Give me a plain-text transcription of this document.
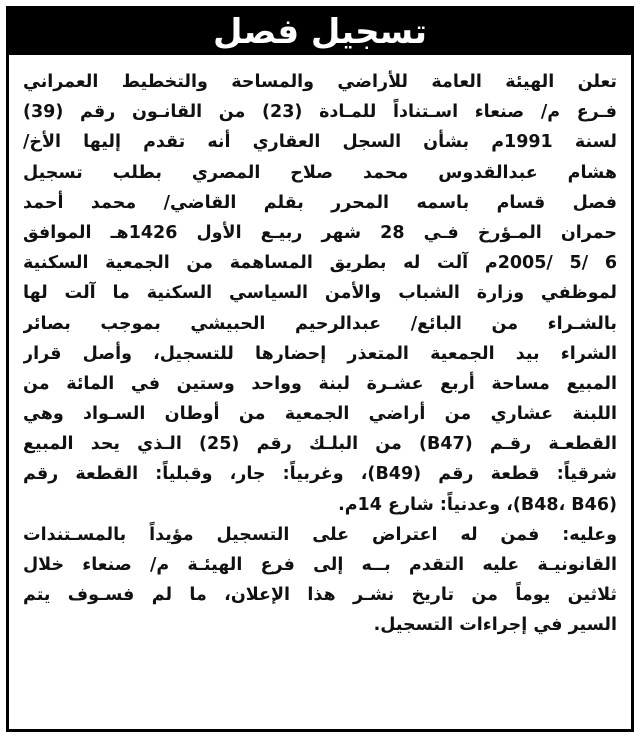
تسجيل فصل
تعلن الهيئة العامة للأراضي والمساحة والتخطيط العمراني
فـرع م/ صنعاء اسـتناداً للمـادة (23) من القانـون رقم (39)
لسنة 1991م بشأن السجل العقاري أنه تقدم إليها الأخ/
هشام عبدالقدوس محمد صلاح المصري بطلب تسجيل
فصل قسام باسمه المحرر بقلم القاضي/ محمد أحمد
حمران المـؤرخ فـي 28 شهر ربيـع الأول 1426هـ الموافق
6 /5 /2005م آلت له بطريق المساهمة من الجمعية السكنية
لموظفي وزارة الشباب والأمن السياسي السكنية ما آلت لها
بالشـراء من البائع/ عبدالرحيم الحبيشي بموجب بصائر
الشراء بيد الجمعية المتعذر إحضارها للتسجيل، وأصل قرار
المبيع مساحة أربع عشـرة لبنة وواحد وستين في المائة من
اللبنة عشاري من أراضي الجمعية من أوطان السـواد وهي
القطعـة رقـم (B47) من البلـك رقم (25) الـذي يحد المبيع
شرقياً: قطعة رقم (B49)، وغربياً: جار، وقبلياً: القطعة رقم
(B48، B46)، وعدنياً: شارع 14م.
وعليه: فمن له اعتراض على التسجيل مؤيداً بالمسـتندات
القانونيـة عليه التقدم بــه إلى فرع الهيئـة م/ صنعاء خلال
ثلاثين يوماً من تاريخ نشـر هذا الإعلان، ما لم فسـوف يتم
السير في إجراءات التسجيل.
